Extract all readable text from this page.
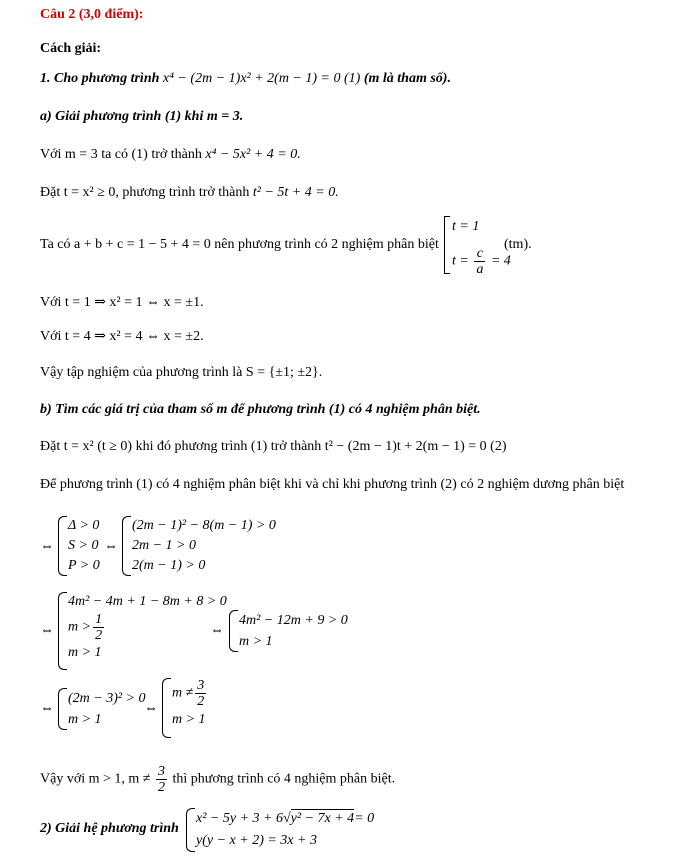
Câu 2 (3,0 điểm):
Cách giải:
1. Cho phương trình x⁴ − (2m − 1)x² + 2(m − 1) = 0 (1) (m là tham số).
a) Giải phương trình (1) khi m = 3.
Với m = 3 ta có (1) trở thành x⁴ − 5x² + 4 = 0.
Đặt t = x² ≥ 0, phương trình trở thành t² − 5t + 4 = 0.
Ta có a + b + c = 1 − 5 + 4 = 0 nên phương trình có 2 nghiệm phân biệt
t = 1
$t = \frac{c}{a} = 4$
(tm).
Với t = 1 ⇒ x² = 1 ⇔ x = ±1.
Với t = 4 ⇒ x² = 4 ⇔ x = ±2.
Vậy tập nghiệm của phương trình là S = {±1; ±2}.
b) Tìm các giá trị của tham số m để phương trình (1) có 4 nghiệm phân biệt.
Đặt t = x² (t ≥ 0) khi đó phương trình (1) trở thành t² − (2m − 1)t + 2(m − 1) = 0 (2)
Để phương trình (1) có 4 nghiệm phân biệt khi và chỉ khi phương trình (2) có 2 nghiệm dương phân biệt
⇔
Δ > 0
S > 0
P > 0
⇔
(2m − 1)² − 8(m − 1) > 0
2m − 1 > 0
2(m − 1) > 0
⇔
4m² − 4m + 1 − 8m + 8 > 0
$m > \frac{1}{2}$
m > 1
⇔
4m² − 12m + 9 > 0
m > 1
⇔
(2m − 3)² > 0
m > 1
⇔
$m \ne \frac{3}{2}$
m > 1
Vậy với m > 1, $m \ne \frac{3}{2}$ thì phương trình có 4 nghiệm phân biệt.
2) Giải hệ phương trình
x² − 5y + 3 + 6√y² − 7x + 4= 0
y(y − x + 2) = 3x + 3
